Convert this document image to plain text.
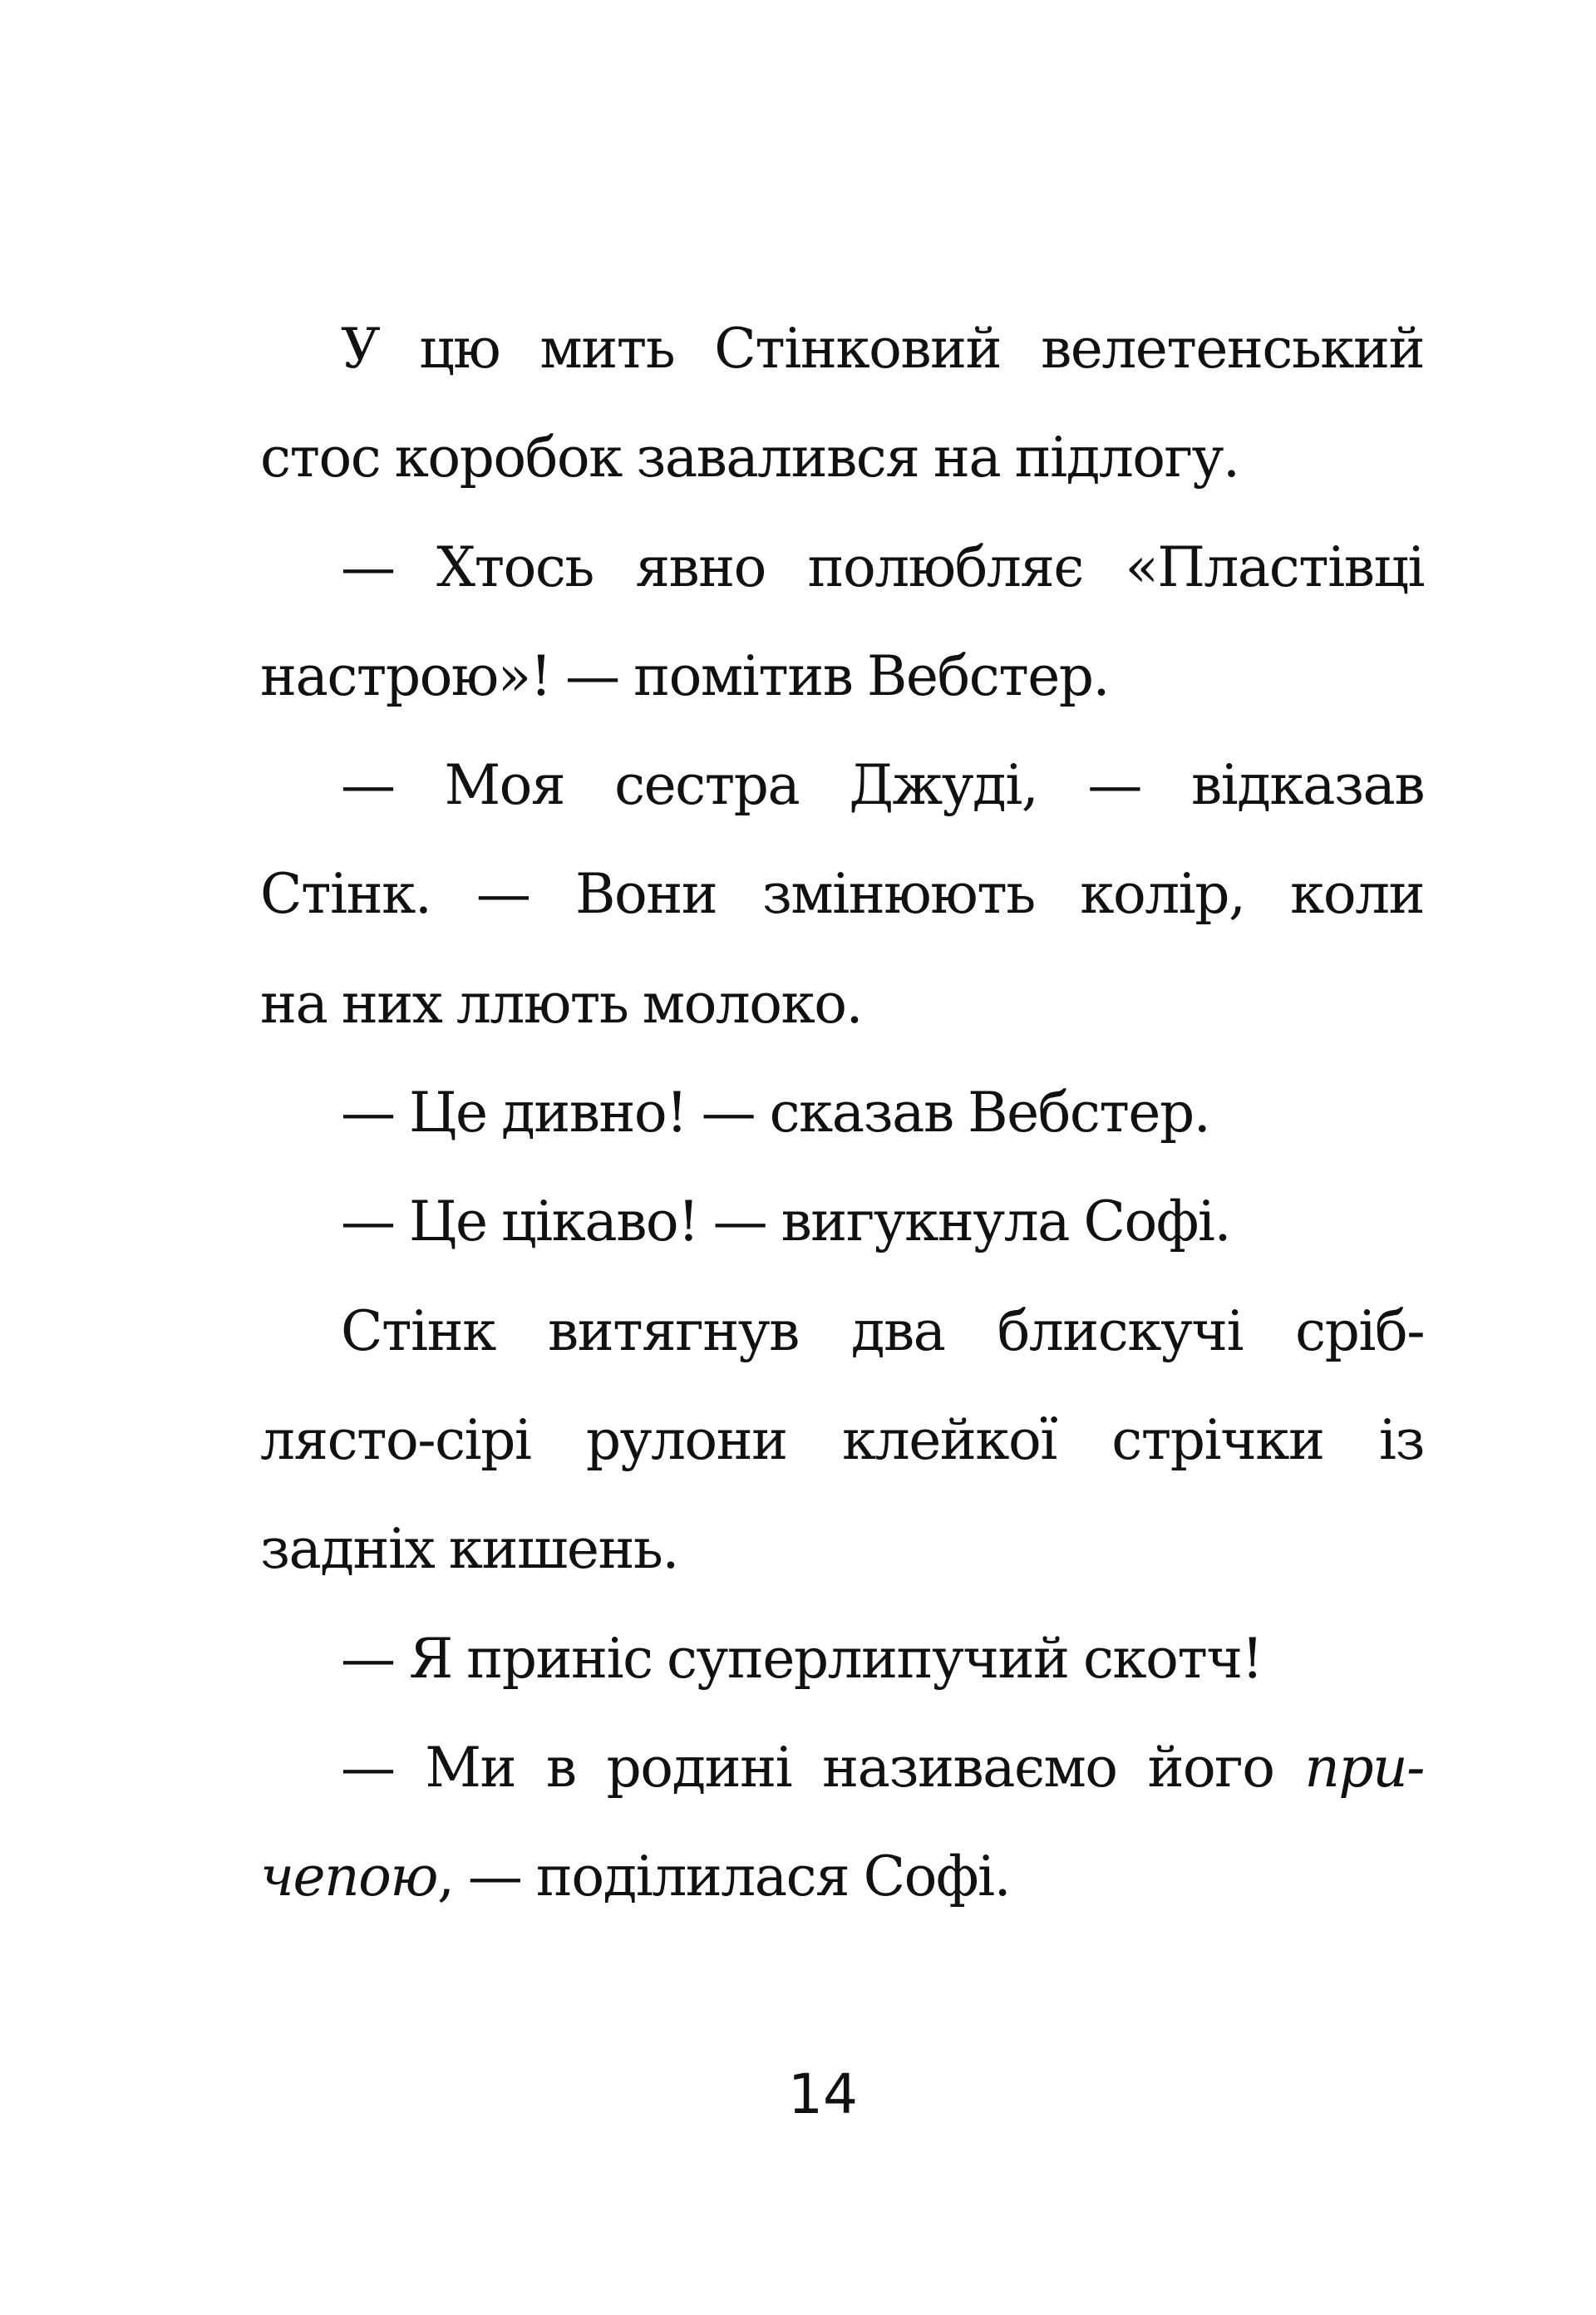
У цю мить Стінковий велетенський
стос коробок завалився на підлогу.
— Хтось явно полюбляє «Пластівці
настрою»! — помітив Вебстер.
— Моя сестра Джуді, — відказав
Стінк. — Вони змінюють колір, коли
на них ллють молоко.
— Це дивно! — сказав Вебстер.
— Це цікаво! — вигукнула Софі.
Стінк витягнув два блискучі сріб-
лясто-сірі рулони клейкої стрічки із
задніх кишень.
— Я приніс суперлипучий скотч!
— Ми в родині називаємо його при-
чепою, — поділилася Софі.
14
